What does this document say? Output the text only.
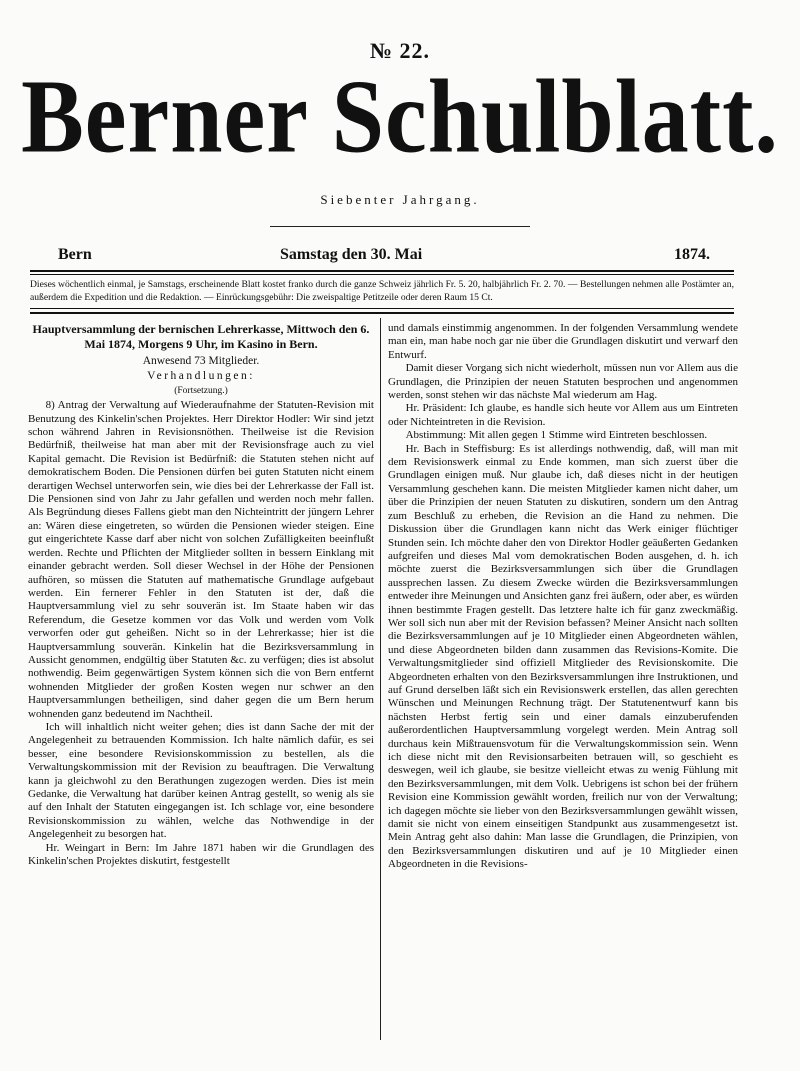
№ 22.
Berner Schulblatt.
Siebenter Jahrgang.
Bern	Samstag den 30. Mai	1874.
Dieses wöchentlich einmal, je Samstags, erscheinende Blatt kostet franko durch die ganze Schweiz jährlich Fr. 5. 20, halbjährlich Fr. 2. 70. — Bestellungen nehmen alle Postämter an, außerdem die Expedition und die Redaktion. — Einrückungsgebühr: Die zweispaltige Petitzeile oder deren Raum 15 Ct.
Hauptversammlung der bernischen Lehrerkasse, Mittwoch den 6. Mai 1874, Morgens 9 Uhr, im Kasino in Bern.
Anwesend 73 Mitglieder.
Verhandlungen:
(Fortsetzung.)

8) Antrag der Verwaltung auf Wiederaufnahme der Statuten-Revision mit Benutzung des Kinkelin'schen Projektes. Herr Direktor Hodler: Wir sind jetzt schon während Jahren in Revisionsnöthen. Theilweise ist die Revision Bedürfniß, theilweise hat man aber mit der Revisionsfrage auch zu viel Kapital gemacht. Die Revision ist Bedürfniß: die Statuten stehen nicht auf demokratischem Boden. Die Pensionen dürfen bei guten Statuten nicht einem derartigen Wechsel unterworfen sein, wie dies bei der Lehrerkasse der Fall ist. Die Pensionen sind von Jahr zu Jahr gefallen und werden noch mehr fallen. Als Begründung dieses Fallens giebt man den Nichteintritt der jüngern Lehrer an: Wären diese eingetreten, so würden die Pensionen wieder steigen. Eine gut eingerichtete Kasse darf aber nicht von solchen Zufälligkeiten beeinflußt werden. Rechte und Pflichten der Mitglieder sollten in bessern Einklang mit einander gebracht werden. Soll dieser Wechsel in der Höhe der Pensionen aufhören, so müssen die Statuten auf mathematische Grundlage aufgebaut werden. Ein fernerer Fehler in den Statuten ist der, daß die Hauptversammlung viel zu sehr souverän ist. Im Staate haben wir das Referendum, die Gesetze kommen vor das Volk und werden vom Volk verworfen oder gut geheißen. Nicht so in der Lehrerkasse; hier ist die Hauptversammlung souverän. Kinkelin hat die Bezirksversammlung in Aussicht genommen, endgültig über Statuten &c. zu verfügen; dies ist absolut nothwendig. Beim gegenwärtigen System können sich die von Bern entfernt wohnenden Mitglieder der großen Kosten wegen nur schwer an den Hauptversammlungen betheiligen, sind daher gegen die um Bern herum wohnenden ganz bedeutend im Nachtheil.

Ich will inhaltlich nicht weiter gehen; dies ist dann Sache der mit der Angelegenheit zu betrauenden Kommission. Ich halte nämlich dafür, es sei besser, eine besondere Revisionskommission zu bestellen, als die Verwaltungskommission mit der Revision zu beauftragen. Die Verwaltung kann ja gleichwohl zu den Berathungen zugezogen werden. Dies ist mein Gedanke, die Verwaltung hat darüber keinen Antrag gestellt, so wenig als sie auf den Inhalt der Statuten eingegangen ist. Ich schlage vor, eine besondere Revisionskommission zu wählen, welche das Nothwendige in der Angelegenheit zu besorgen hat.

Hr. Weingart in Bern: Im Jahre 1871 haben wir die Grundlagen des Kinkelin'schen Projektes diskutirt, festgestellt

und damals einstimmig angenommen. In der folgenden Versammlung wendete man ein, man habe noch gar nie über die Grundlagen diskutirt und verwarf den Entwurf.

Damit dieser Vorgang sich nicht wiederholt, müssen nun vor Allem aus die Grundlagen, die Prinzipien der neuen Statuten besprochen und angenommen werden, sonst stehen wir das nächste Mal wiederum am Hag.

Hr. Präsident: Ich glaube, es handle sich heute vor Allem aus um Eintreten oder Nichteintreten in die Revision.

Abstimmung: Mit allen gegen 1 Stimme wird Eintreten beschlossen.

Hr. Bach in Steffisburg: Es ist allerdings nothwendig, daß, will man mit dem Revisionswerk einmal zu Ende kommen, man sich zuerst über die Grundlagen einigen muß. Nur glaube ich, daß dieses nicht in der heutigen Versammlung geschehen kann. Die meisten Mitglieder kamen nicht daher, um über die Prinzipien der neuen Statuten zu diskutiren, sondern um den Antrag zum Beschluß zu erheben, die Revision an die Hand zu nehmen. Die Diskussion über die Grundlagen kann nicht das Werk einiger flüchtiger Stunden sein. Ich möchte daher den von Direktor Hodler geäußerten Gedanken aufgreifen und dieses Mal vom demokratischen Boden ausgehen, d. h. ich möchte zuerst die Bezirksversammlungen sich über die Grundlagen aussprechen lassen. Zu diesem Zwecke würden die Bezirksversammlungen entweder ihre Meinungen und Ansichten ganz frei äußern, oder aber, es würden ihnen bestimmte Fragen gestellt. Das letztere halte ich für ganz zweckmäßig. Wer soll sich nun aber mit der Revision befassen? Meiner Ansicht nach sollten die Bezirksversammlungen auf je 10 Mitglieder einen Abgeordneten wählen, und diese Abgeordneten bilden dann zusammen das Revisions-Komite. Die Verwaltungsmitglieder sind offiziell Mitglieder des Revisionskomite. Die Abgeordneten erhalten von den Bezirksversammlungen ihre Instruktionen, und auf Grund derselben läßt sich ein Revisionswerk erstellen, das allen gerechten Wünschen und Meinungen Rechnung trägt. Der Statutenentwurf kann bis nächsten Herbst fertig sein und einer damals einzuberufenden außerordentlichen Hauptversammlung vorgelegt werden. Mein Antrag soll durchaus kein Mißtrauensvotum für die Verwaltungskommission sein. Wenn ich diese nicht mit den Revisionsarbeiten betrauen will, so geschieht es deswegen, weil ich glaube, sie besitze vielleicht etwas zu wenig Fühlung mit den Bezirksversammlungen, mit dem Volk. Uebrigens ist schon bei der frühern Revision eine Kommission gewählt worden, freilich nur von der Verwaltung; ich dagegen möchte sie lieber von den Bezirksversammlungen gewählt wissen, damit sie nicht von einem einseitigen Standpunkt aus zusammengesetzt ist. Mein Antrag geht also dahin: Man lasse die Grundlagen, die Prinzipien, von den Bezirksversammlungen diskutiren und auf je 10 Mitglieder einen Abgeordneten in die Revisions-
